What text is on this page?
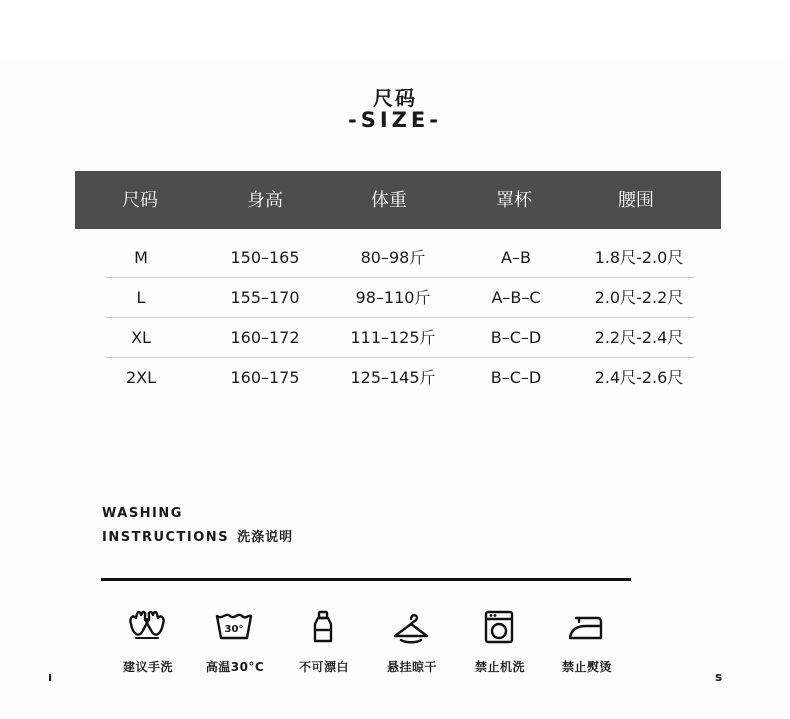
尺码
-SIZE-
尺码	身高	体重	罩杯	腰围
M	150–165	80–98斤	A–B	1.8尺-2.0尺
L	155–170	98–110斤	A–B–C	2.0尺-2.2尺
XL	160–172	111–125斤	B–C–D	2.2尺-2.4尺
2XL	160–175	125–145斤	B–C–D	2.4尺-2.6尺
WASHING
INSTRUCTIONS 洗涤说明
30°
建议手洗	高温30°C	不可漂白	悬挂晾干	禁止机洗	禁止熨烫
ı	s
